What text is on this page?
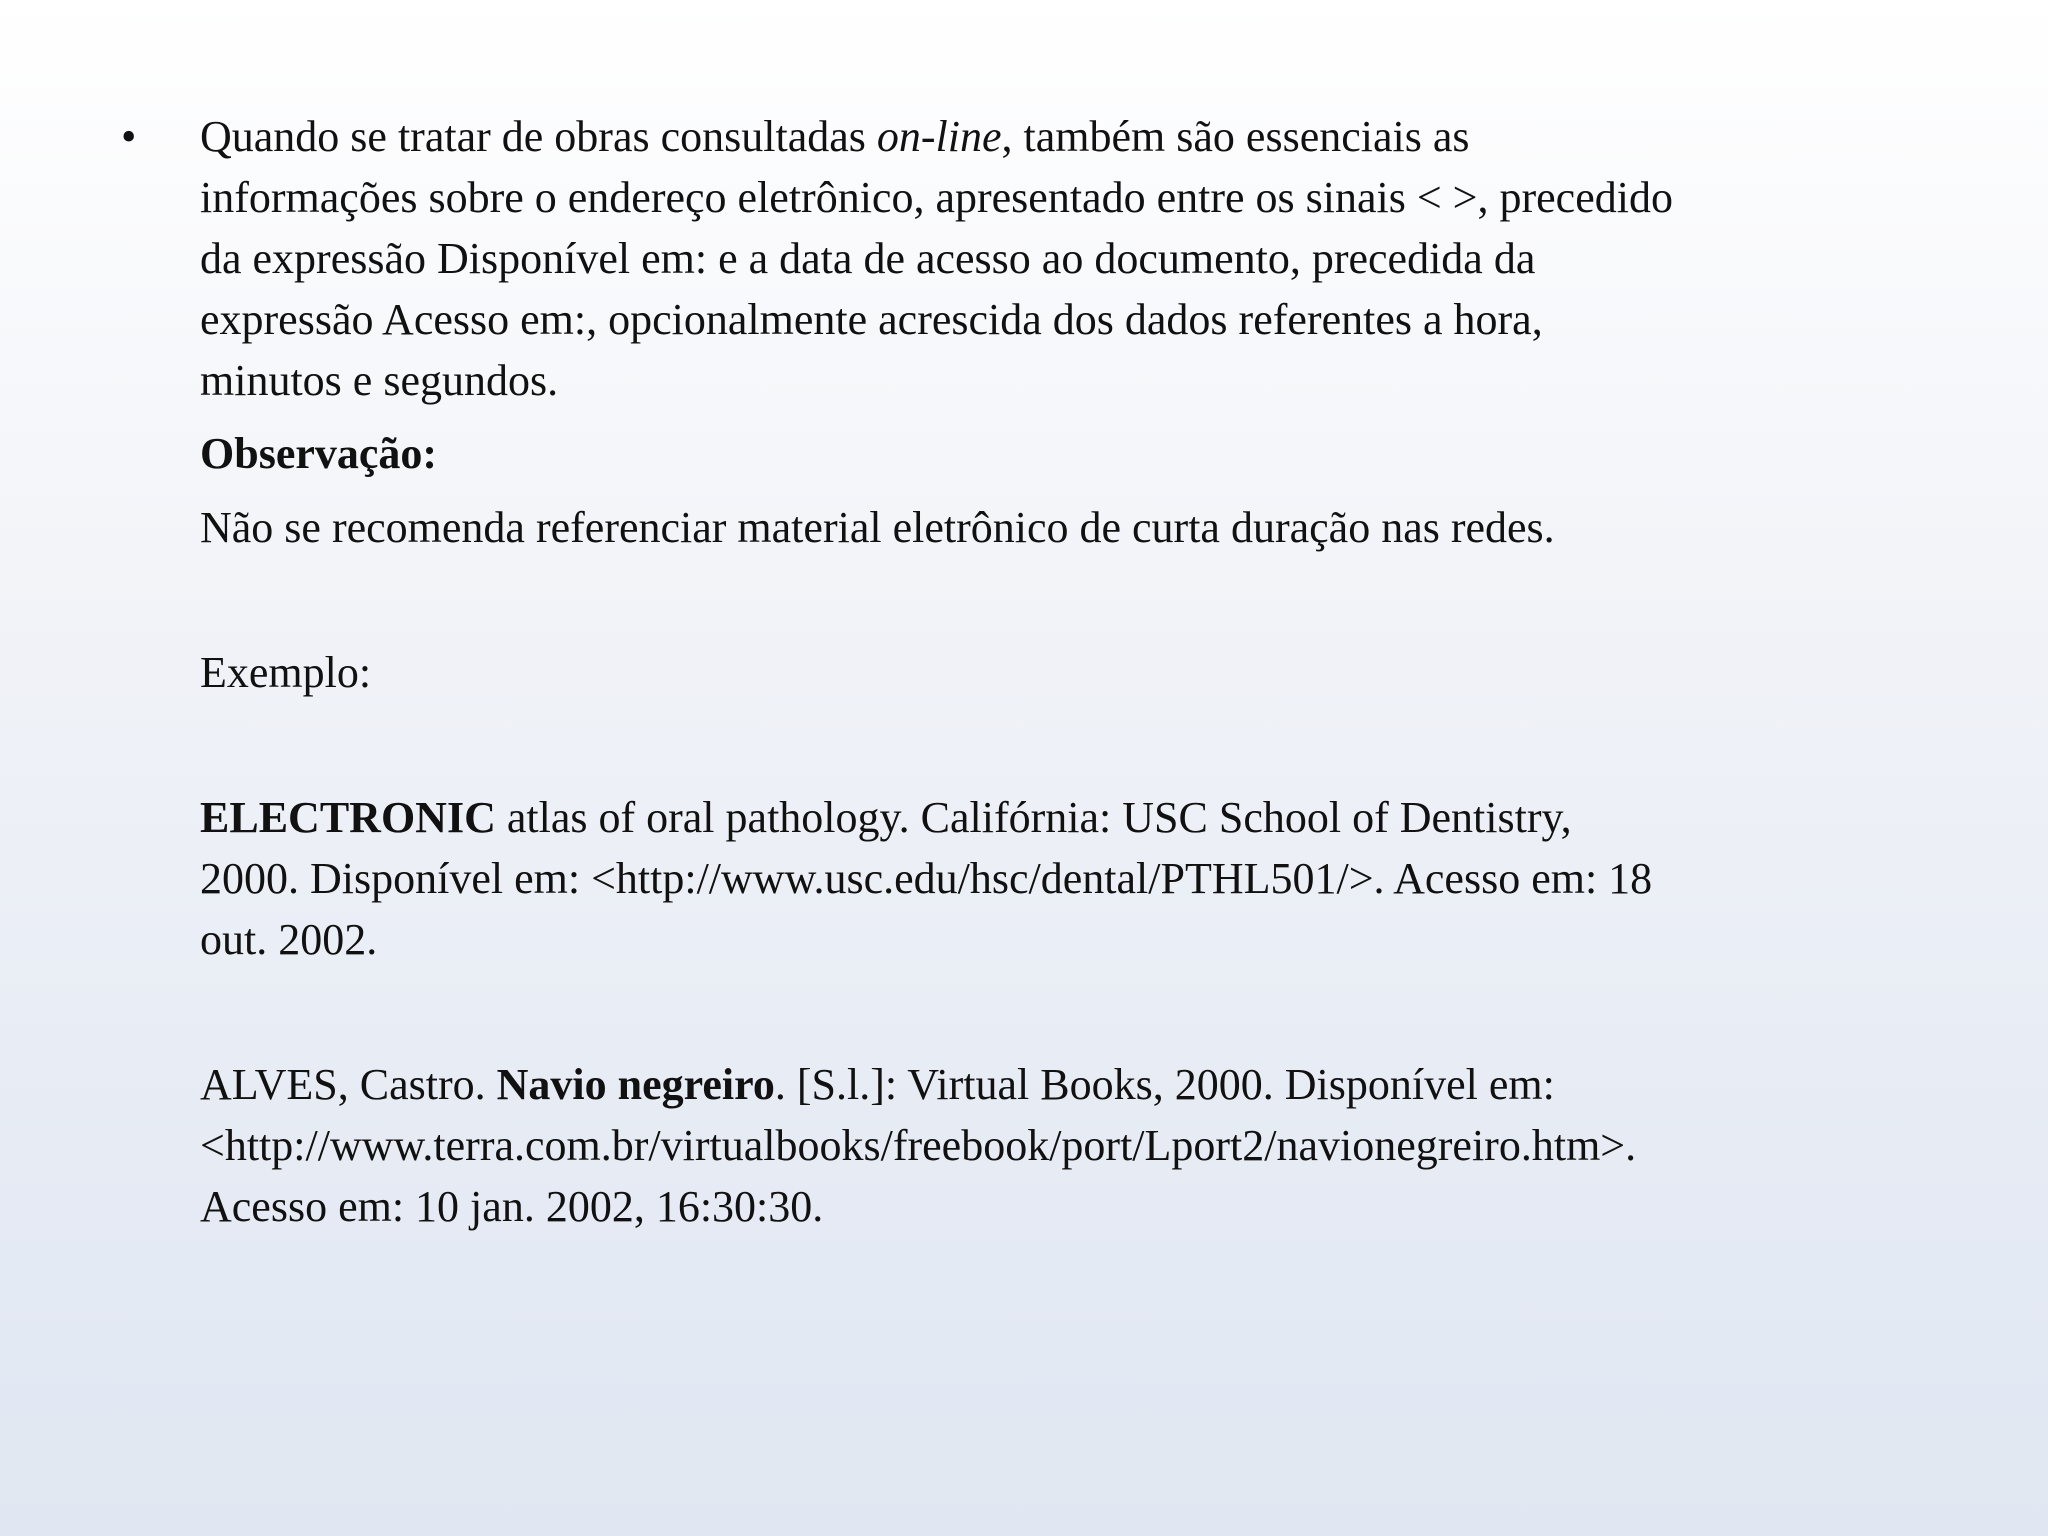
• Quando se tratar de obras consultadas on-line, também são essenciais as
informações sobre o endereço eletrônico, apresentado entre os sinais < >, precedido
da expressão Disponível em: e a data de acesso ao documento, precedida da
expressão Acesso em:, opcionalmente acrescida dos dados referentes a hora,
minutos e segundos.

Observação:

Não se recomenda referenciar material eletrônico de curta duração nas redes.

Exemplo:

ELECTRONIC atlas of oral pathology. Califórnia: USC School of Dentistry,
2000. Disponível em: <http://www.usc.edu/hsc/dental/PTHL501/>. Acesso em: 18
out. 2002.

ALVES, Castro. Navio negreiro. [S.l.]: Virtual Books, 2000. Disponível em:
<http://www.terra.com.br/virtualbooks/freebook/port/Lport2/navionegreiro.htm>.
Acesso em: 10 jan. 2002, 16:30:30.
